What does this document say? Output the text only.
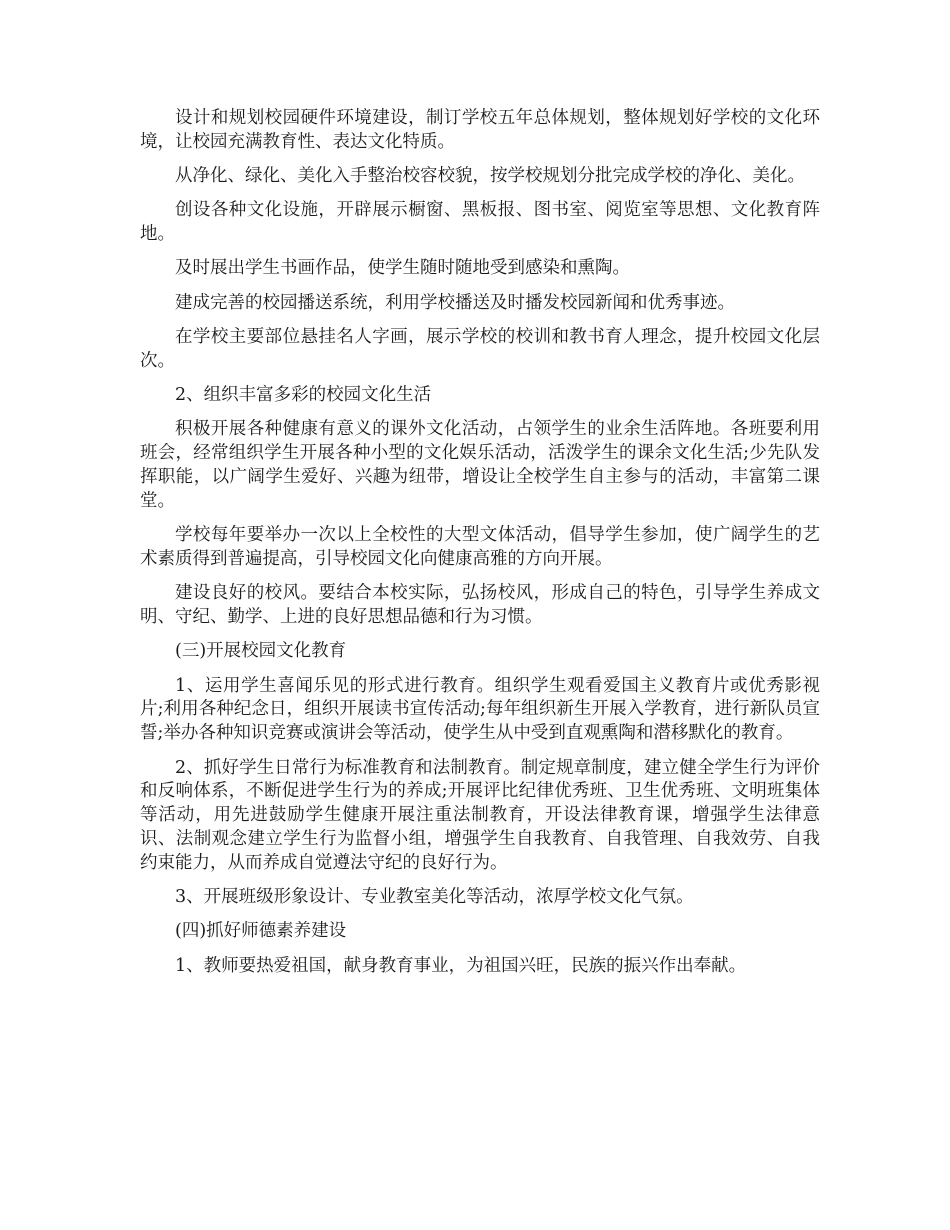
设计和规划校园硬件环境建设，制订学校五年总体规划，整体规划好学校的文化环境，让校园充满教育性、表达文化特质。

从净化、绿化、美化入手整治校容校貌，按学校规划分批完成学校的净化、美化。

创设各种文化设施，开辟展示橱窗、黑板报、图书室、阅览室等思想、文化教育阵地。

及时展出学生书画作品，使学生随时随地受到感染和熏陶。

建成完善的校园播送系统，利用学校播送及时播发校园新闻和优秀事迹。

在学校主要部位悬挂名人字画，展示学校的校训和教书育人理念，提升校园文化层次。

2、组织丰富多彩的校园文化生活

积极开展各种健康有意义的课外文化活动，占领学生的业余生活阵地。各班要利用班会，经常组织学生开展各种小型的文化娱乐活动，活泼学生的课余文化生活;少先队发挥职能，以广阔学生爱好、兴趣为纽带，增设让全校学生自主参与的活动，丰富第二课堂。

学校每年要举办一次以上全校性的大型文体活动，倡导学生参加，使广阔学生的艺术素质得到普遍提高，引导校园文化向健康高雅的方向开展。

建设良好的校风。要结合本校实际，弘扬校风，形成自己的特色，引导学生养成文明、守纪、勤学、上进的良好思想品德和行为习惯。

(三)开展校园文化教育

1、运用学生喜闻乐见的形式进行教育。组织学生观看爱国主义教育片或优秀影视片;利用各种纪念日，组织开展读书宣传活动;每年组织新生开展入学教育，进行新队员宣誓;举办各种知识竞赛或演讲会等活动，使学生从中受到直观熏陶和潜移默化的教育。

2、抓好学生日常行为标准教育和法制教育。制定规章制度，建立健全学生行为评价和反响体系，不断促进学生行为的养成;开展评比纪律优秀班、卫生优秀班、文明班集体等活动，用先进鼓励学生健康开展注重法制教育，开设法律教育课，增强学生法律意识、法制观念建立学生行为监督小组，增强学生自我教育、自我管理、自我效劳、自我约束能力，从而养成自觉遵法守纪的良好行为。

3、开展班级形象设计、专业教室美化等活动，浓厚学校文化气氛。

(四)抓好师德素养建设

1、教师要热爱祖国，献身教育事业，为祖国兴旺，民族的振兴作出奉献。
